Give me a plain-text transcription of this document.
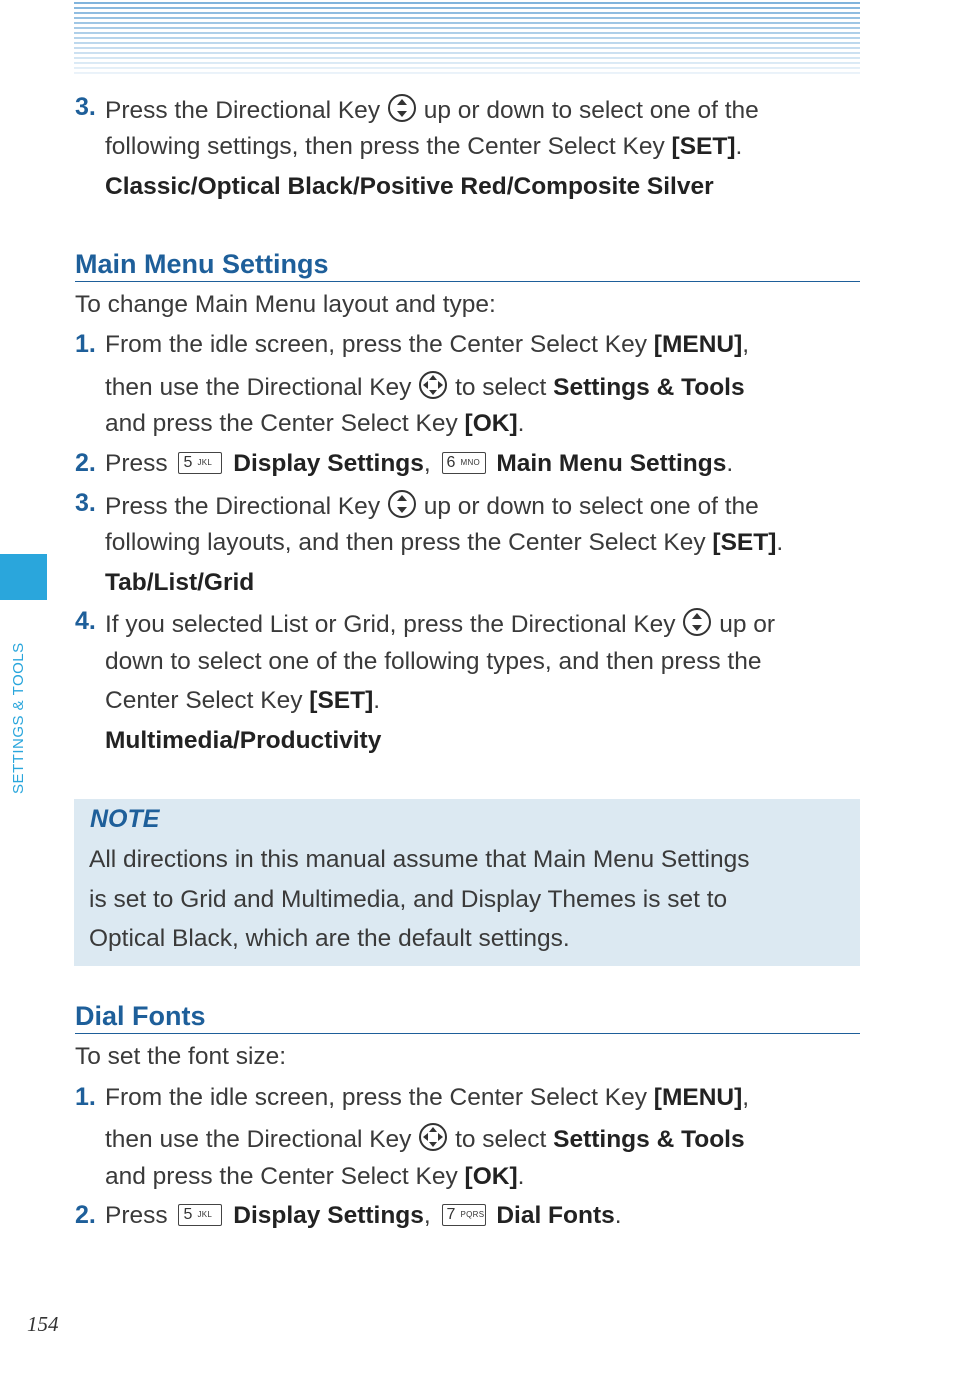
SETTINGS & TOOLS
3. Press the Directional Key up or down to select one of the
following settings, then press the Center Select Key [SET].
Classic/Optical Black/Positive Red/Composite Silver
Main Menu Settings
To change Main Menu layout and type:
1. From the idle screen, press the Center Select Key [MENU],
then use the Directional Key to select Settings & Tools
and press the Center Select Key [OK].
2. Press 5 JKL Display Settings, 6 MNO Main Menu Settings.
3. Press the Directional Key up or down to select one of the
following layouts, and then press the Center Select Key [SET].
Tab/List/Grid
4. If you selected List or Grid, press the Directional Key up or
down to select one of the following types, and then press the
Center Select Key [SET].
Multimedia/Productivity
NOTE
All directions in this manual assume that Main Menu Settings
is set to Grid and Multimedia, and Display Themes is set to
Optical Black, which are the default settings.
Dial Fonts
To set the font size:
1. From the idle screen, press the Center Select Key [MENU],
then use the Directional Key to select Settings & Tools
and press the Center Select Key [OK].
2. Press 5 JKL Display Settings, 7 PQRS Dial Fonts.
154
